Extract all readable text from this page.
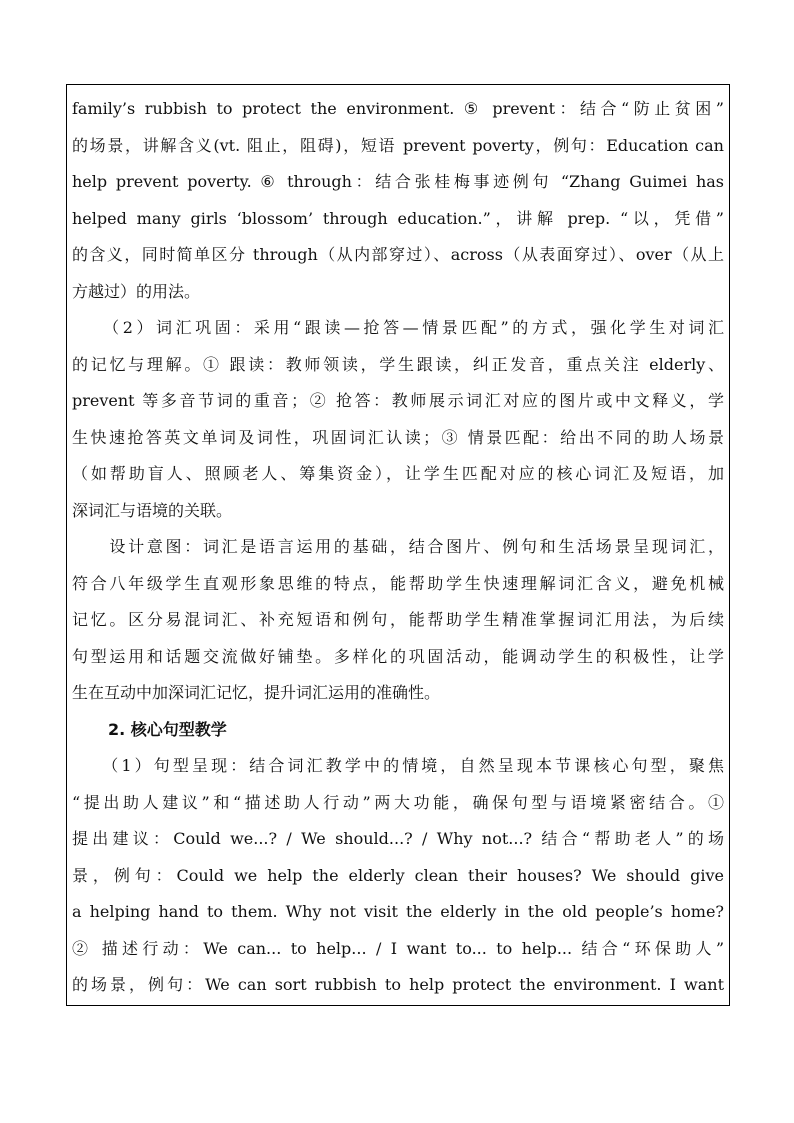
family’s rubbish to protect the environment. ⑤ prevent：结合“防止贫困”
的场景，讲解含义(vt. 阻止，阻碍)，短语 prevent poverty，例句：Education can
help prevent poverty. ⑥ through：结合张桂梅事迹例句 “Zhang Guimei has
helped many girls ‘blossom’ through education.”，讲解 prep. “以，凭借”
的含义，同时简单区分 through（从内部穿过）、across（从表面穿过）、over（从上
方越过）的用法。
　　（2）词汇巩固：采用“跟读—抢答—情景匹配”的方式，强化学生对词汇
的记忆与理解。① 跟读：教师领读，学生跟读，纠正发音，重点关注 elderly、
prevent 等多音节词的重音；② 抢答：教师展示词汇对应的图片或中文释义，学
生快速抢答英文单词及词性，巩固词汇认读；③ 情景匹配：给出不同的助人场景
（如帮助盲人、照顾老人、筹集资金），让学生匹配对应的核心词汇及短语，加
深词汇与语境的关联。
　　设计意图：词汇是语言运用的基础，结合图片、例句和生活场景呈现词汇，
符合八年级学生直观形象思维的特点，能帮助学生快速理解词汇含义，避免机械
记忆。区分易混词汇、补充短语和例句，能帮助学生精准掌握词汇用法，为后续
句型运用和话题交流做好铺垫。多样化的巩固活动，能调动学生的积极性，让学
生在互动中加深词汇记忆，提升词汇运用的准确性。
2. 核心句型教学
　　（1）句型呈现：结合词汇教学中的情境，自然呈现本节课核心句型，聚焦
“提出助人建议”和“描述助人行动”两大功能，确保句型与语境紧密结合。①
提出建议：Could we...? / We should...? / Why not...? 结合“帮助老人”的场
景，例句：Could we help the elderly clean their houses? We should give
a helping hand to them. Why not visit the elderly in the old people’s home?
② 描述行动：We can... to help... / I want to... to help... 结合“环保助人”
的场景，例句：We can sort rubbish to help protect the environment. I want
